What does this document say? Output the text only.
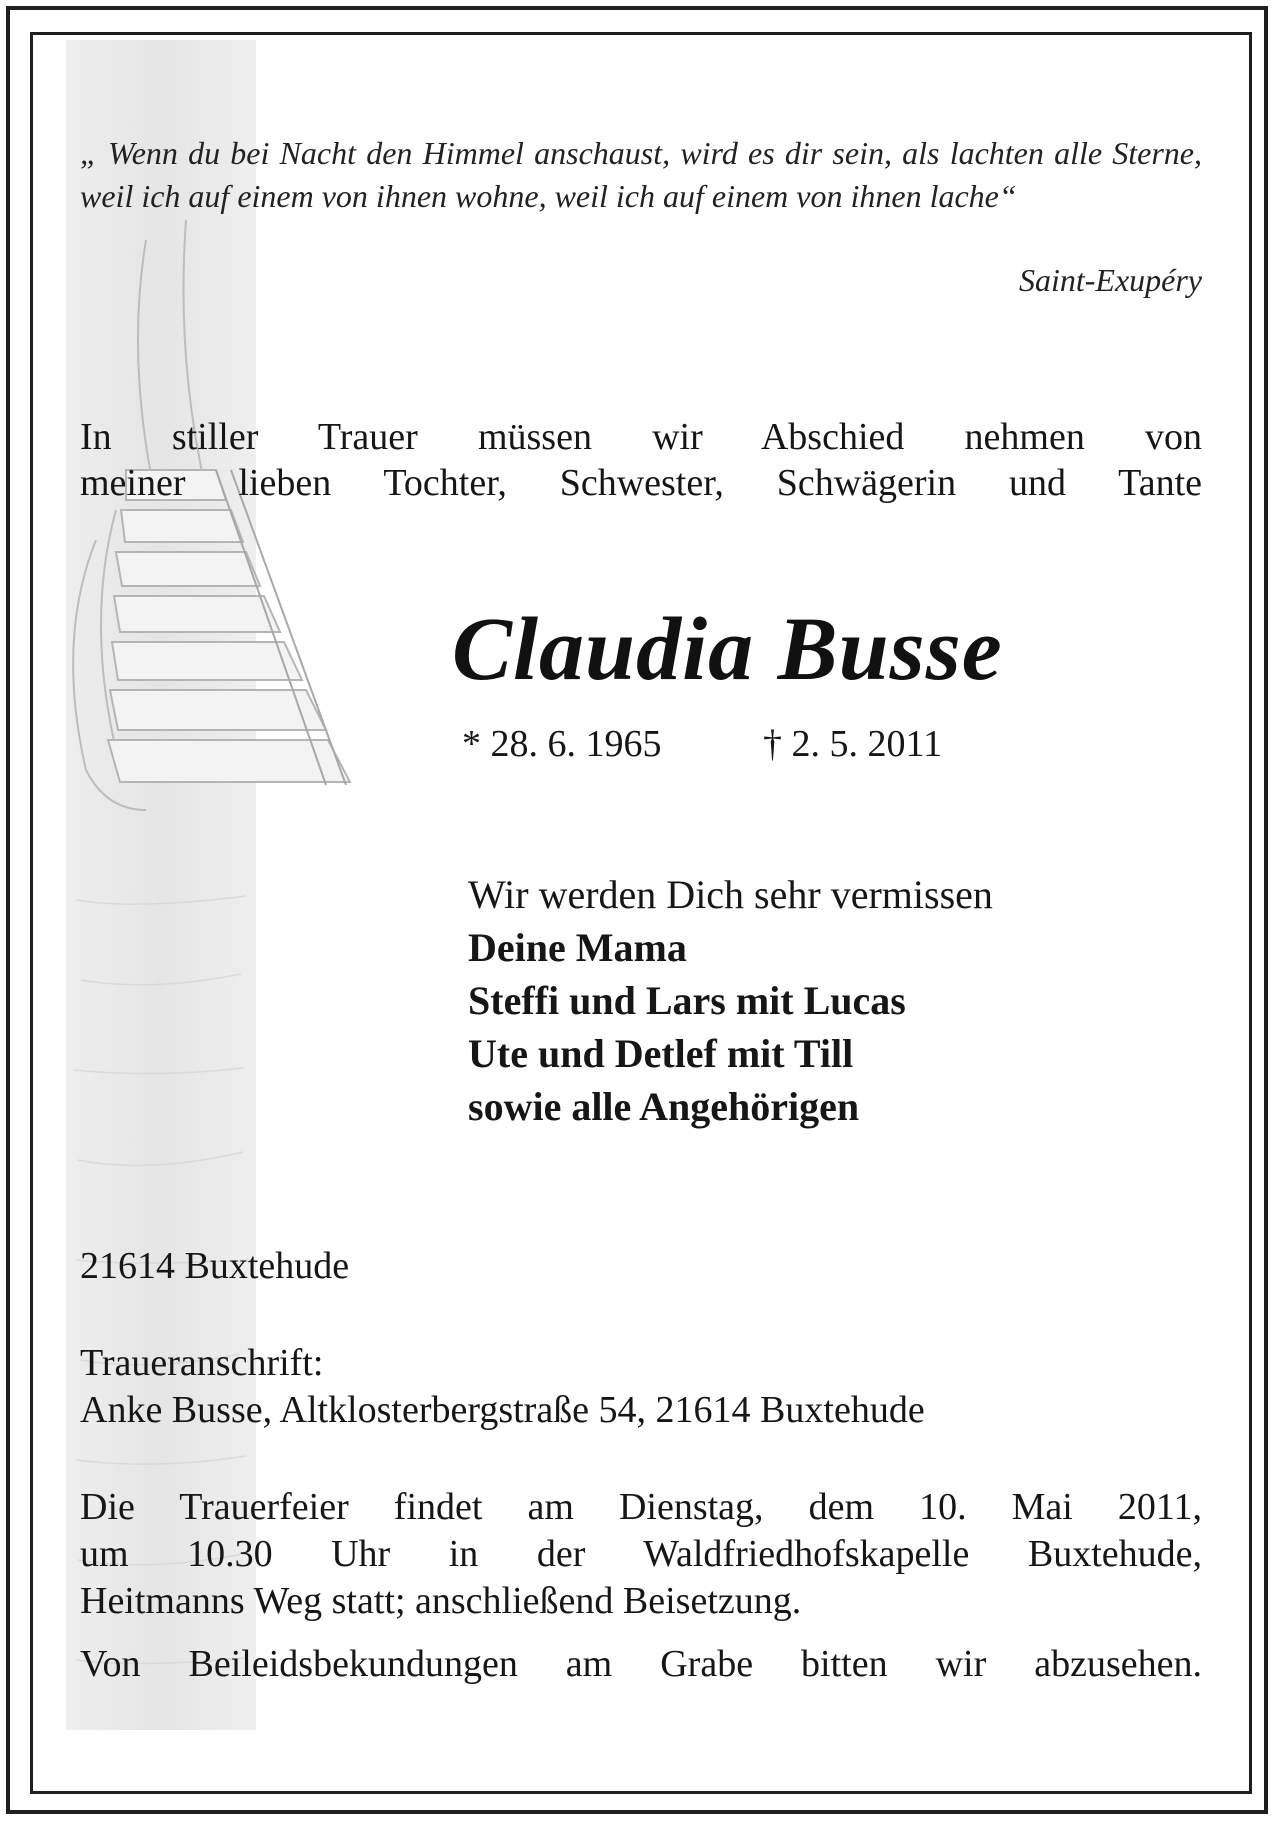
„ Wenn du bei Nacht den Himmel anschaust, wird es dir sein, als lachten alle Sterne, weil ich auf einem von ihnen wohne, weil ich auf einem von ihnen lache“
Saint-Exupéry
In stiller Trauer müssen wir Abschied nehmen von
meiner lieben Tochter, Schwester, Schwägerin und Tante
Claudia Busse
* 28. 6. 1965	† 2. 5. 2011
Wir werden Dich sehr vermissen
Deine Mama
Steffi und Lars mit Lucas
Ute und Detlef mit Till
sowie alle Angehörigen
21614 Buxtehude
Traueranschrift:
Anke Busse, Altklosterbergstraße 54, 21614 Buxtehude
Die Trauerfeier findet am Dienstag, dem 10. Mai 2011,
um 10.30 Uhr in der Waldfriedhofskapelle Buxtehude,
Heitmanns Weg statt; anschließend Beisetzung.
Von Beileidsbekundungen am Grabe bitten wir abzusehen.
